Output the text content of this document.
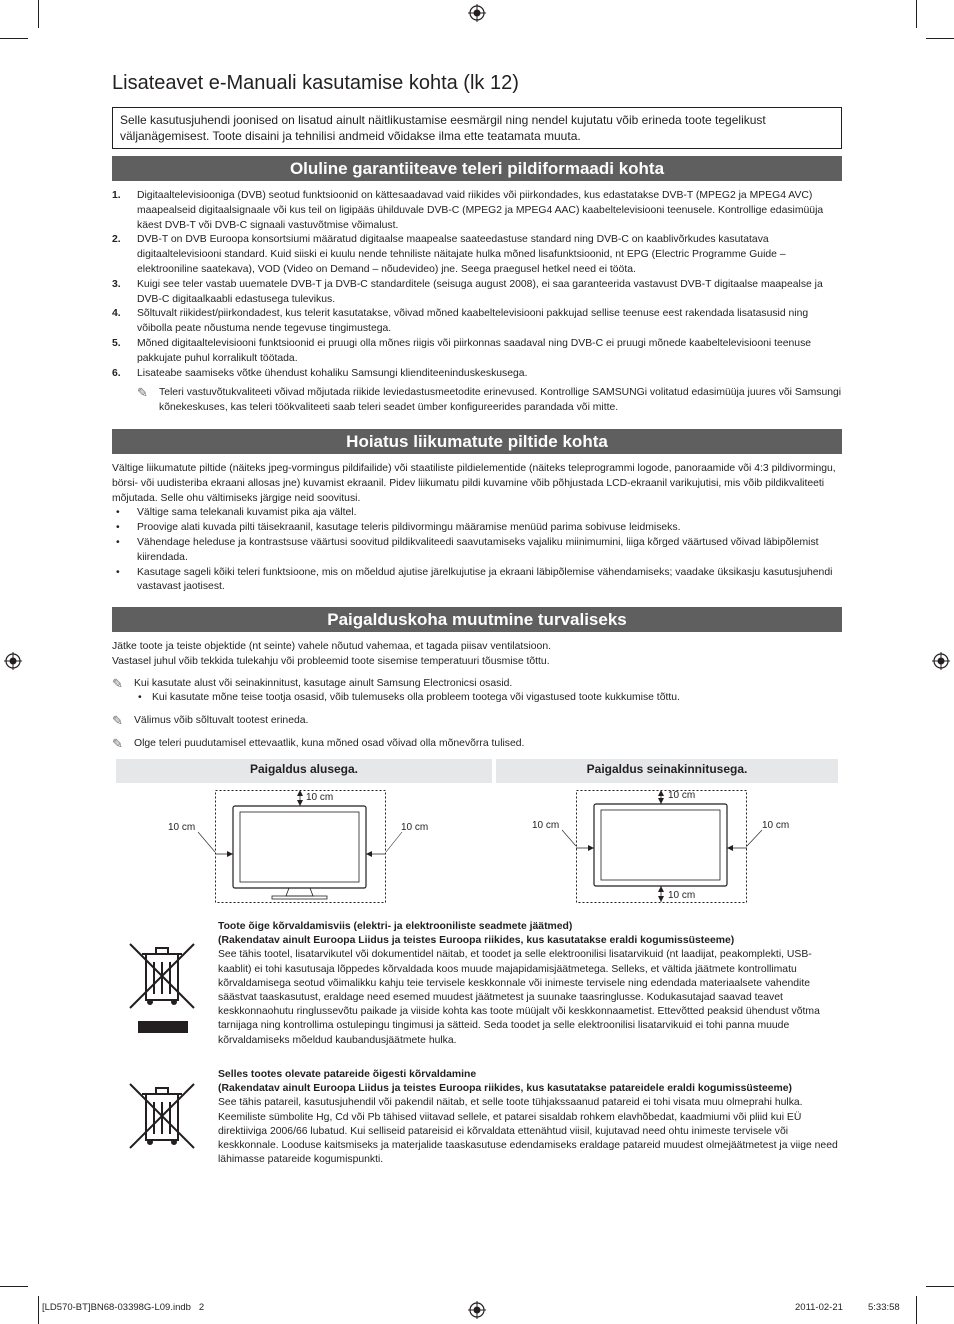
Lisateavet e-Manuali kasutamise kohta (lk 12)
Selle kasutusjuhendi joonised on lisatud ainult näitlikustamise eesmärgil ning nendel kujutatu võib erineda toote tegelikust väljanägemisest. Toote disaini ja tehnilisi andmeid võidakse ilma ette teatamata muuta.
Oluline garantiiteave teleri pildiformaadi kohta
1.	Digitaaltelevisiooniga (DVB) seotud funktsioonid on kättesaadavad vaid riikides või piirkondades, kus edastatakse DVB-T (MPEG2 ja MPEG4 AVC) maapealseid digitaalsignaale või kus teil on ligipääs ühilduvale DVB-C (MPEG2 ja MPEG4 AAC) kaabeltelevisiooni teenusele. Kontrollige edasimüüja käest DVB-T või DVB-C signaali vastuvõtmise võimalust.
2.	DVB-T on DVB Euroopa konsortsiumi määratud digitaalse maapealse saateedastuse standard ning DVB-C on kaablivõrkudes kasutatava digitaaltelevisiooni standard. Kuid siiski ei kuulu nende tehniliste näitajate hulka mõned lisafunktsioonid, nt EPG (Electric Programme Guide – elektrooniline saatekava), VOD (Video on Demand – nõudevideo) jne. Seega praegusel hetkel need ei tööta.
3.	Kuigi see teler vastab uuematele DVB-T ja DVB-C standarditele (seisuga august 2008), ei saa garanteerida vastavust DVB-T digitaalse maapealse ja DVB-C digitaalkaabli edastusega tulevikus.
4.	Sõltuvalt riikidest/piirkondadest, kus telerit kasutatakse, võivad mõned kaabeltelevisiooni pakkujad sellise teenuse eest rakendada lisatasusid ning võibolla peate nõustuma nende tegevuse tingimustega.
5.	Mõned digitaaltelevisiooni funktsioonid ei pruugi olla mõnes riigis või piirkonnas saadaval ning DVB-C ei pruugi mõnede kaabeltelevisiooni teenuse pakkujate puhul korralikult töötada.
6.	Lisateabe saamiseks võtke ühendust kohaliku Samsungi klienditeeninduskeskusega.
✎	Teleri vastuvõtukvaliteeti võivad mõjutada riikide leviedastusmeetodite erinevused. Kontrollige SAMSUNGi volitatud edasimüüja juures või Samsungi kõnekeskuses, kas teleri töökvaliteeti saab teleri seadet ümber konfigureerides parandada või mitte.
Hoiatus liikumatute piltide kohta
Vältige liikumatute piltide (näiteks jpeg-vormingus pildifailide) või staatiliste pildielementide (näiteks teleprogrammi logode, panoraamide või 4:3 pildivormingu, börsi- või uudisteriba ekraani allosas jne) kuvamist ekraanil. Pidev liikumatu pildi kuvamine võib põhjustada LCD-ekraanil varikujutisi, mis võib pildikvaliteeti mõjutada. Selle ohu vältimiseks järgige neid soovitusi.
•	Vältige sama telekanali kuvamist pika aja vältel.
•	Proovige alati kuvada pilti täisekraanil, kasutage teleris pildivormingu määramise menüüd parima sobivuse leidmiseks.
•	Vähendage heleduse ja kontrastsuse väärtusi soovitud pildikvaliteedi saavutamiseks vajaliku miinimumini, liiga kõrged väärtused võivad läbipõlemist kiirendada.
•	Kasutage sageli kõiki teleri funktsioone, mis on mõeldud ajutise järelkujutise ja ekraani läbipõlemise vähendamiseks; vaadake üksikasju kasutusjuhendi vastavast jaotisest.
Paigalduskoha muutmine turvaliseks
Jätke toote ja teiste objektide (nt seinte) vahele nõutud vahemaa, et tagada piisav ventilatsioon.
Vastasel juhul võib tekkida tulekahju või probleemid toote sisemise temperatuuri tõusmise tõttu.
✎	Kui kasutate alust või seinakinnitust, kasutage ainult Samsung Electronicsi osasid.
• Kui kasutate mõne teise tootja osasid, võib tulemuseks olla probleem tootega või vigastused toote kukkumise tõttu.
✎	Välimus võib sõltuvalt tootest erineda.
✎	Olge teleri puudutamisel ettevaatlik, kuna mõned osad võivad olla mõnevõrra tulised.
Paigaldus alusega.	Paigaldus seinakinnitusega.
10 cm
10 cm	10 cm
10 cm
10 cm	10 cm
10 cm
Toote õige kõrvaldamisviis (elektri- ja elektrooniliste seadmete jäätmed)
(Rakendatav ainult Euroopa Liidus ja teistes Euroopa riikides, kus kasutatakse eraldi kogumissüsteeme)
See tähis tootel, lisatarvikutel või dokumentidel näitab, et toodet ja selle elektroonilisi lisatarvikuid (nt laadijat, peakomplekti, USB-kaablit) ei tohi kasutusaja lõppedes kõrvaldada koos muude majapidamisjäätmetega. Selleks, et vältida jäätmete kontrollimatu kõrvaldamisega seotud võimalikku kahju teie tervisele keskkonnale või inimeste tervisele ning edendada materiaalsete vahendite säästvat taaskasutust, eraldage need esemed muudest jäätmetest ja suunake taasringlusse. Kodukasutajad saavad teavet keskkonnaohutu ringlussevõtu paikade ja viiside kohta kas toote müüjalt või keskkonnaametist. Ettevõtted peaksid ühendust võtma tarnijaga ning kontrollima ostulepingu tingimusi ja sätteid. Seda toodet ja selle elektroonilisi lisatarvikuid ei tohi panna muude kõrvaldamiseks mõeldud kaubandusjäätmete hulka.
Selles tootes olevate patareide õigesti kõrvaldamine
(Rakendatav ainult Euroopa Liidus ja teistes Euroopa riikides, kus kasutatakse patareidele eraldi kogumissüsteeme)
See tähis patareil, kasutusjuhendil või pakendil näitab, et selle toote tühjakssaanud patareid ei tohi visata muu olmeprahi hulka. Keemiliste sümbolite Hg, Cd või Pb tähised viitavad sellele, et patarei sisaldab rohkem elavhõbedat, kaadmiumi või pliid kui EÜ direktiiviga 2006/66 lubatud. Kui selliseid patareisid ei kõrvaldata ettenähtud viisil, kujutavad need ohtu inimeste tervisele või keskkonnale. Looduse kaitsmiseks ja materjalide taaskasutuse edendamiseks eraldage patareid muudest olmejäätmetest ja viige need lähimasse patareide kogumispunkti.
[LD570-BT]BN68-03398G-L09.indb   2	2011-02-21	5:33:58
